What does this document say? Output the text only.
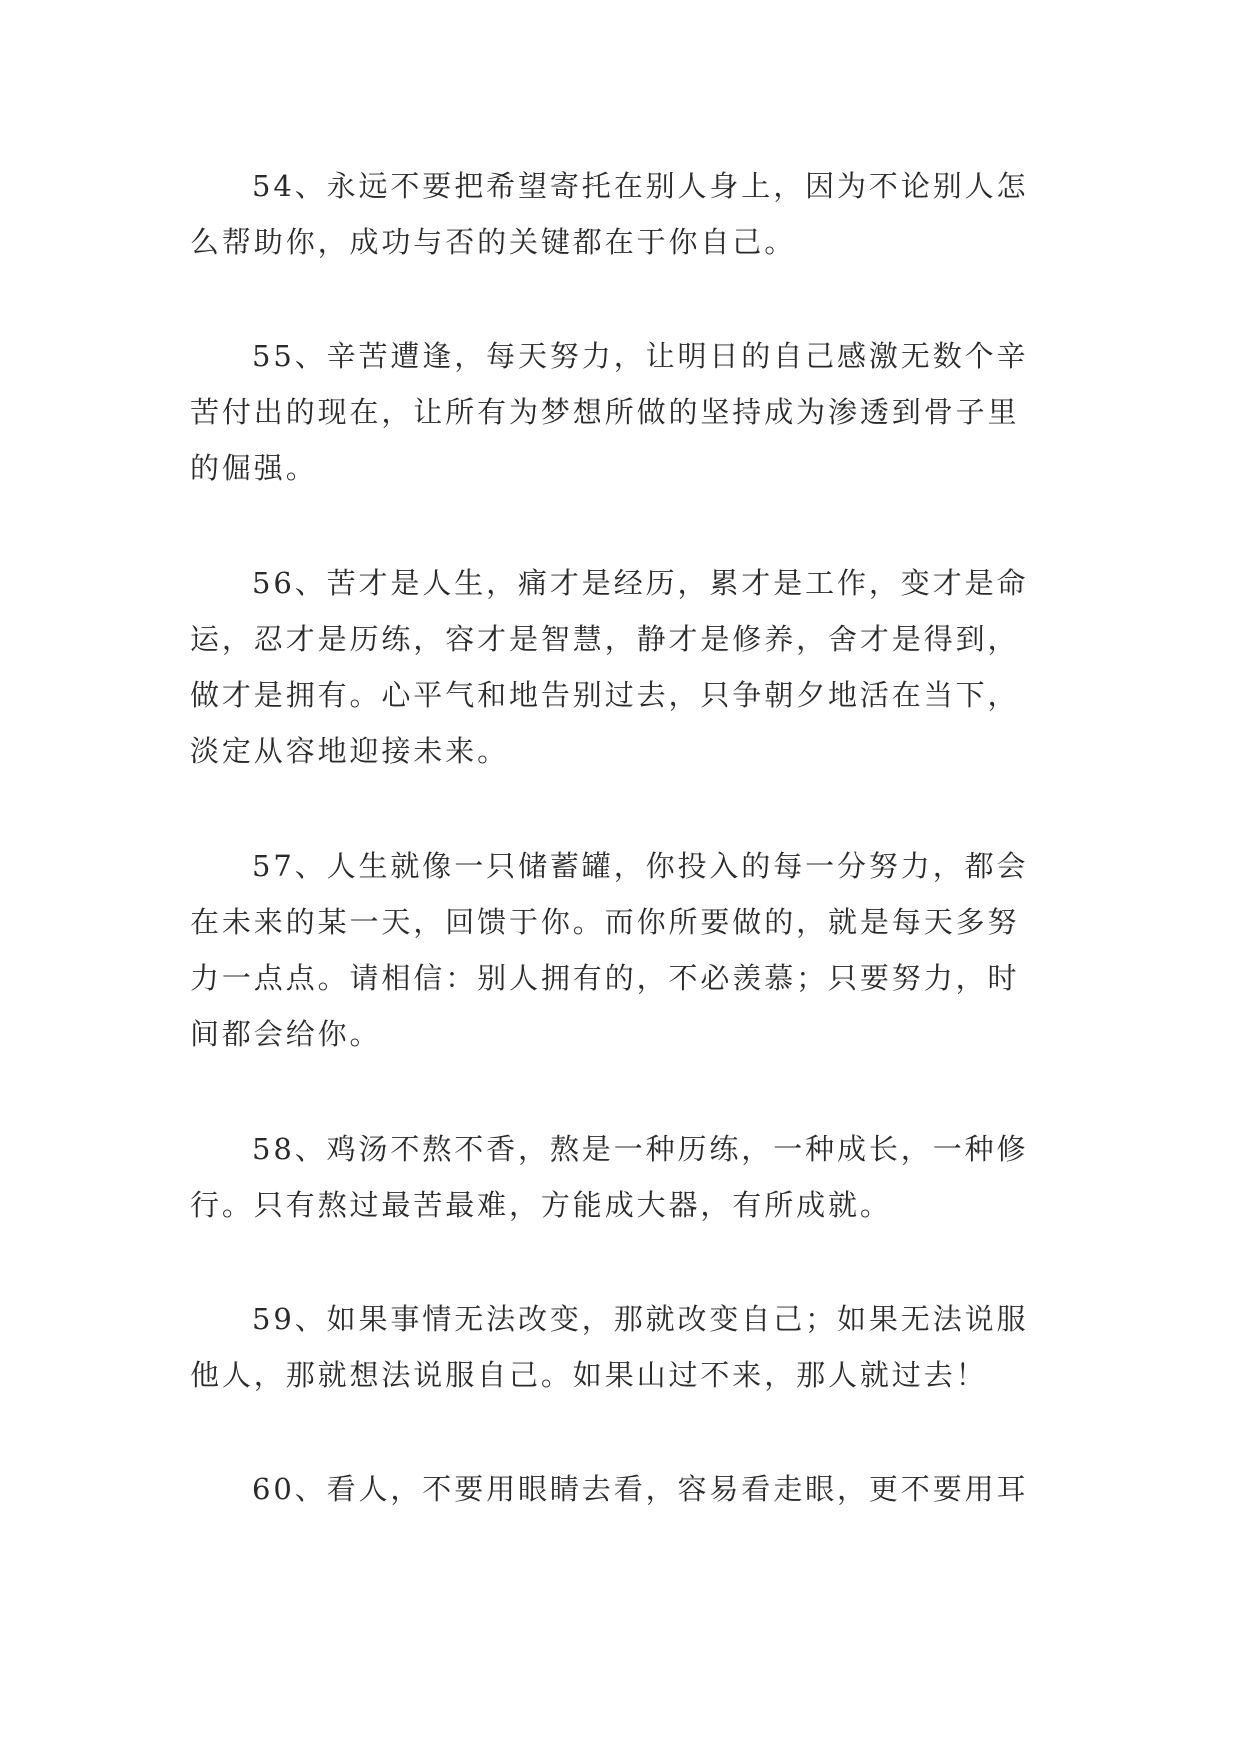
54、永远不要把希望寄托在别人身上，因为不论别人怎
么帮助你，成功与否的关键都在于你自己。
55、辛苦遭逢，每天努力，让明日的自己感激无数个辛
苦付出的现在，让所有为梦想所做的坚持成为渗透到骨子里
的倔强。
56、苦才是人生，痛才是经历，累才是工作，变才是命
运，忍才是历练，容才是智慧，静才是修养，舍才是得到，
做才是拥有。心平气和地告别过去，只争朝夕地活在当下，
淡定从容地迎接未来。
57、人生就像一只储蓄罐，你投入的每一分努力，都会
在未来的某一天，回馈于你。而你所要做的，就是每天多努
力一点点。请相信：别人拥有的，不必羡慕；只要努力，时
间都会给你。
58、鸡汤不熬不香，熬是一种历练，一种成长，一种修
行。只有熬过最苦最难，方能成大器，有所成就。
59、如果事情无法改变，那就改变自己；如果无法说服
他人，那就想法说服自己。如果山过不来，那人就过去！
60、看人，不要用眼睛去看，容易看走眼，更不要用耳
